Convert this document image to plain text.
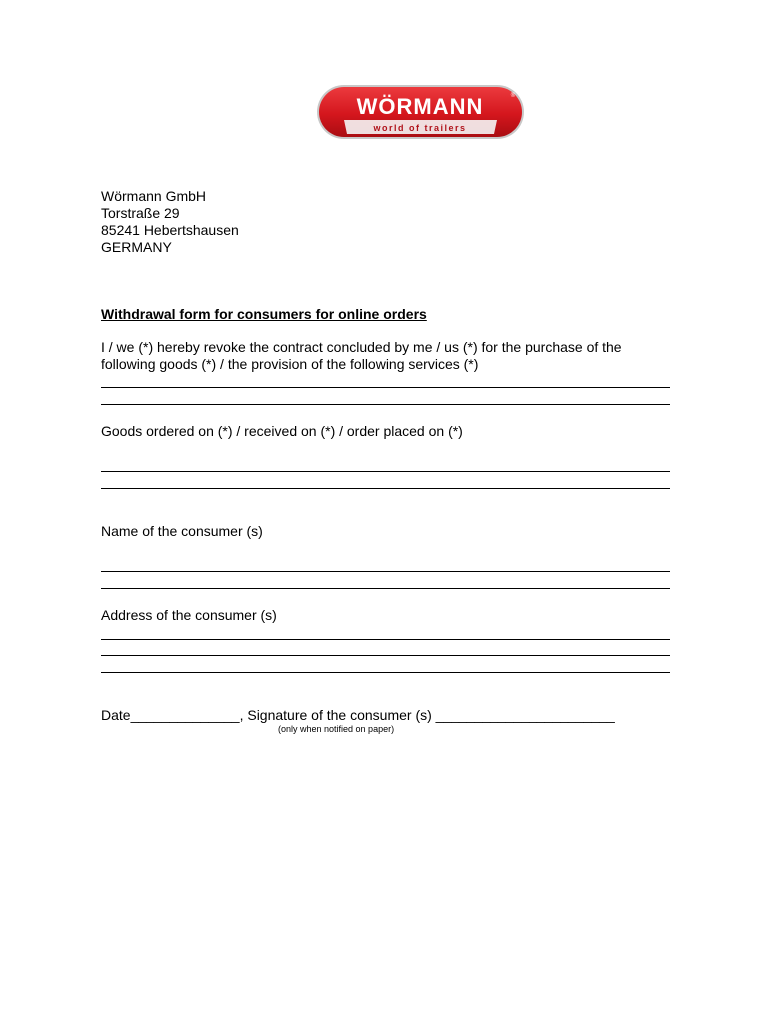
WÖRMANN	®
world of trailers
Wörmann GmbH
Torstraße 29
85241 Hebertshausen
GERMANY
Withdrawal form for consumers for online orders
I / we (*) hereby revoke the contract concluded by me / us (*) for the purchase of the
following goods (*) / the provision of the following services (*)
Goods ordered on (*) / received on (*) / order placed on (*)
Name of the consumer (s)
Address of the consumer (s)
Date______________, Signature of the consumer (s) _______________________
(only when notified on paper)
